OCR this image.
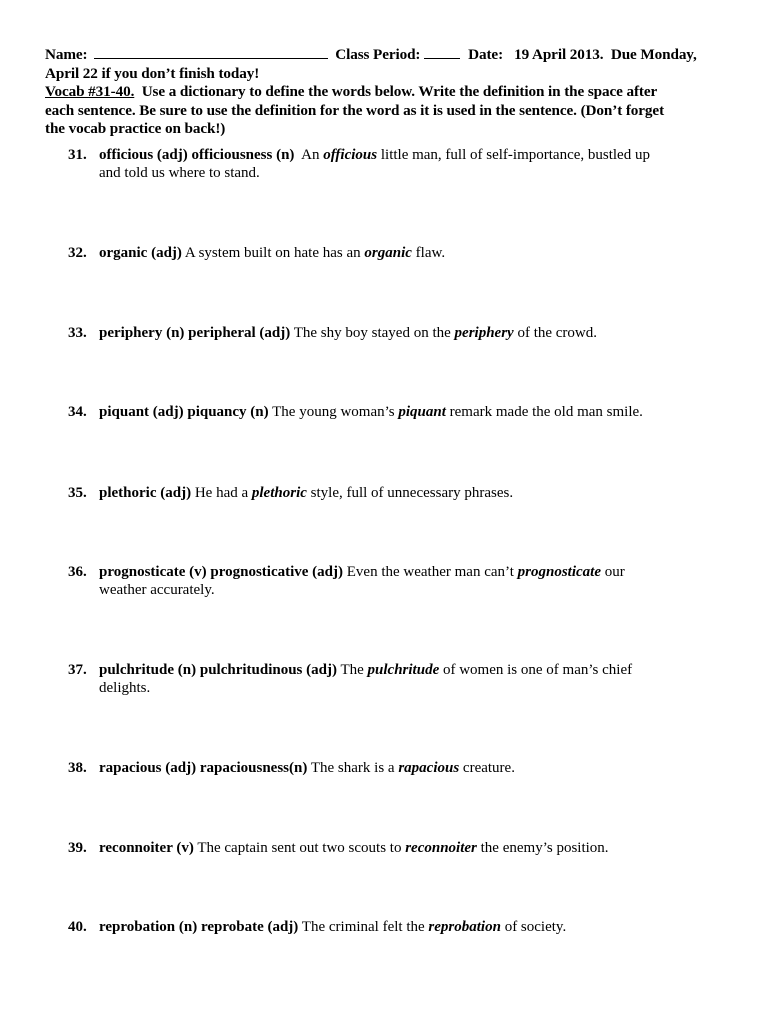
Name:	Class Period:	Date: 19 April 2013. Due Monday,
April 22 if you don’t finish today!
Vocab #31-40. Use a dictionary to define the words below. Write the definition in the space after
each sentence. Be sure to use the definition for the word as it is used in the sentence. (Don’t forget
the vocab practice on back!)
31. officious (adj) officiousness (n) An officious little man, full of self-importance, bustled up
and told us where to stand.
32. organic (adj) A system built on hate has an organic flaw.
33. periphery (n) peripheral (adj) The shy boy stayed on the periphery of the crowd.
34. piquant (adj) piquancy (n) The young woman’s piquant remark made the old man smile.
35. plethoric (adj) He had a plethoric style, full of unnecessary phrases.
36. prognosticate (v) prognosticative (adj) Even the weather man can’t prognosticate our
weather accurately.
37. pulchritude (n) pulchritudinous (adj) The pulchritude of women is one of man’s chief
delights.
38. rapacious (adj) rapaciousness(n) The shark is a rapacious creature.
39. reconnoiter (v) The captain sent out two scouts to reconnoiter the enemy’s position.
40. reprobation (n) reprobate (adj) The criminal felt the reprobation of society.
